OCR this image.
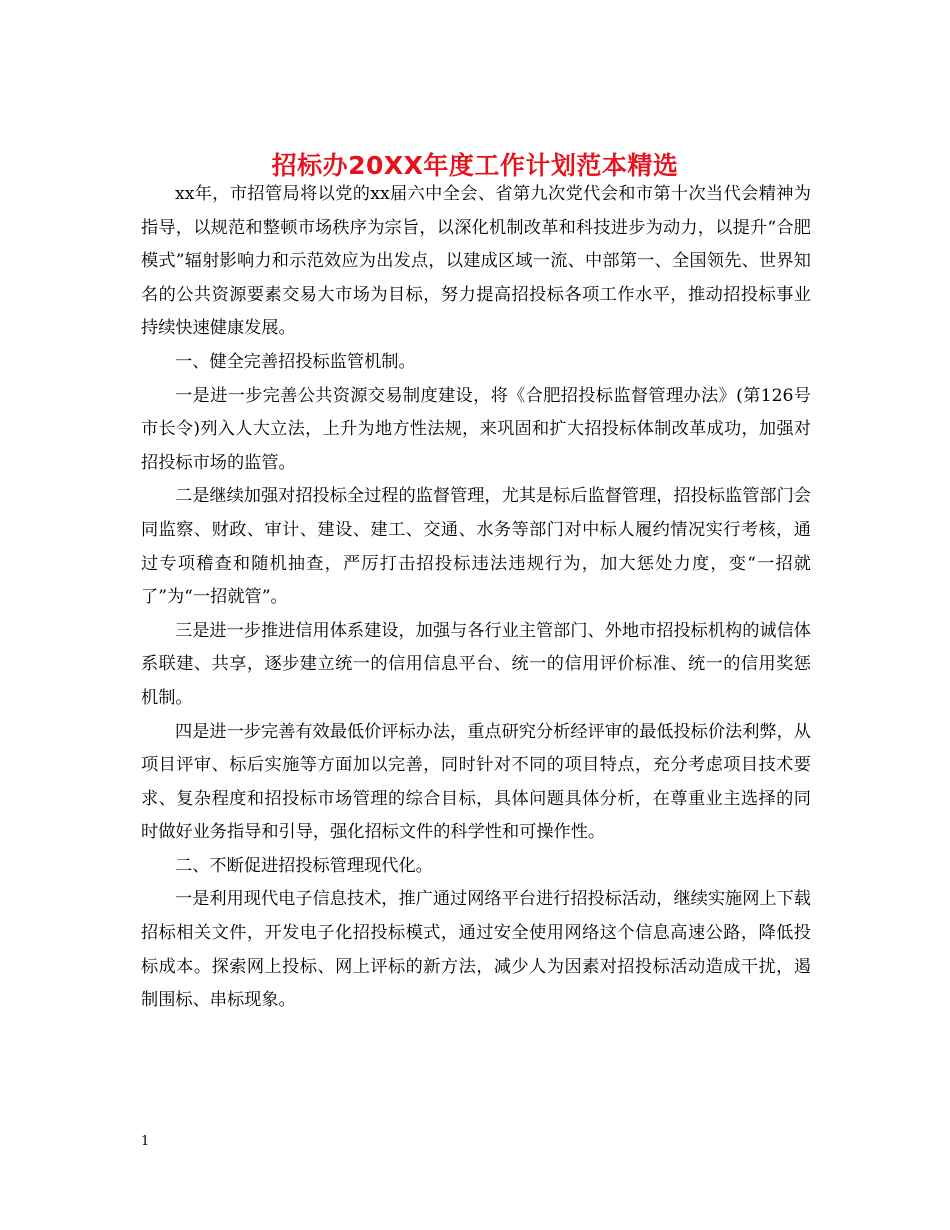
招标办20XX年度工作计划范本精选

xx年，市招管局将以党的xx届六中全会、省第九次党代会和市第十次当代会精神为指导，以规范和整顿市场秩序为宗旨，以深化机制改革和科技进步为动力，以提升“合肥模式”辐射影响力和示范效应为出发点，以建成区域一流、中部第一、全国领先、世界知名的公共资源要素交易大市场为目标，努力提高招投标各项工作水平，推动招投标事业持续快速健康发展。

一、健全完善招投标监管机制。

一是进一步完善公共资源交易制度建设，将《合肥招投标监督管理办法》(第126号市长令)列入人大立法，上升为地方性法规，来巩固和扩大招投标体制改革成功，加强对招投标市场的监管。

二是继续加强对招投标全过程的监督管理，尤其是标后监督管理，招投标监管部门会同监察、财政、审计、建设、建工、交通、水务等部门对中标人履约情况实行考核，通过专项稽查和随机抽查，严厉打击招投标违法违规行为，加大惩处力度，变“一招就了”为“一招就管”。

三是进一步推进信用体系建设，加强与各行业主管部门、外地市招投标机构的诚信体系联建、共享，逐步建立统一的信用信息平台、统一的信用评价标准、统一的信用奖惩机制。

四是进一步完善有效最低价评标办法，重点研究分析经评审的最低投标价法利弊，从项目评审、标后实施等方面加以完善，同时针对不同的项目特点，充分考虑项目技术要求、复杂程度和招投标市场管理的综合目标，具体问题具体分析，在尊重业主选择的同时做好业务指导和引导，强化招标文件的科学性和可操作性。

二、不断促进招投标管理现代化。

一是利用现代电子信息技术，推广通过网络平台进行招投标活动，继续实施网上下载招标相关文件，开发电子化招投标模式，通过安全使用网络这个信息高速公路，降低投标成本。探索网上投标、网上评标的新方法，减少人为因素对招投标活动造成干扰，遏制围标、串标现象。

1
